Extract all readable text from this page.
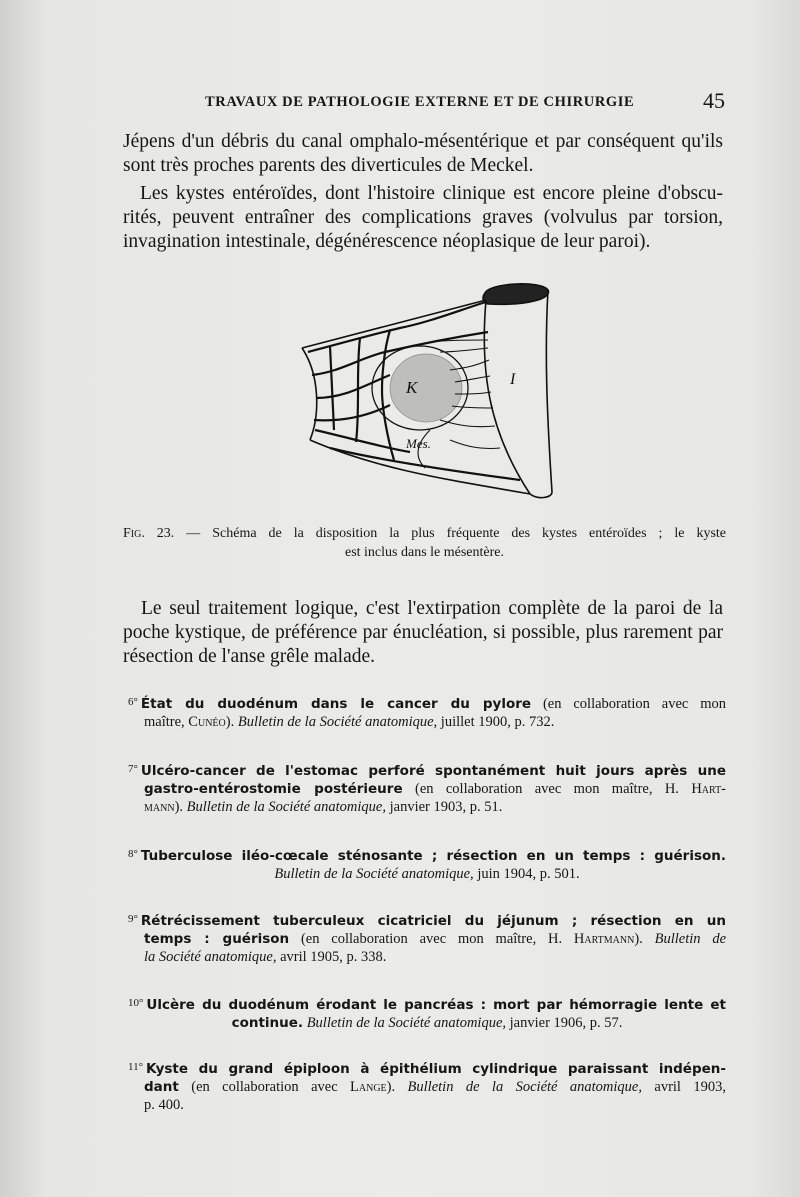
TRAVAUX DE PATHOLOGIE EXTERNE ET DE CHIRURGIE	45
Jépens d'un débris du canal omphalo-mésentérique et par conséquent qu'ils
sont très proches parents des diverticules de Meckel.
Les kystes entéroïdes, dont l'histoire clinique est encore pleine d'obscu-
rités, peuvent entraîner des complications graves (volvulus par torsion,
invagination intestinale, dégénérescence néoplasique de leur paroi).
K	I
Mes.
Fig. 23. — Schéma de la disposition la plus fréquente des kystes entéroïdes ; le kyste
est inclus dans le mésentère.
Le seul traitement logique, c'est l'extirpation complète de la paroi de la
poche kystique, de préférence par énucléation, si possible, plus rarement par
résection de l'anse grêle malade.
$^{6^\circ}$ État du duodénum dans le cancer du pylore (en collaboration avec mon
maître, Cunéo). Bulletin de la Société anatomique, juillet 1900, p. 732.
$^{7^\circ}$ Ulcéro-cancer de l'estomac perforé spontanément huit jours après une
gastro-entérostomie postérieure (en collaboration avec mon maître, H. Hart-
mann). Bulletin de la Société anatomique, janvier 1903, p. 51.
$^{8^\circ}$ Tuberculose iléo-cœcale sténosante ; résection en un temps : guérison.
Bulletin de la Société anatomique, juin 1904, p. 501.
$^{9^\circ}$ Rétrécissement tuberculeux cicatriciel du jéjunum ; résection en un
temps : guérison (en collaboration avec mon maître, H. Hartmann). Bulletin de
la Société anatomique, avril 1905, p. 338.
$^{10^\circ}$ Ulcère du duodénum érodant le pancréas : mort par hémorragie lente et
continue. Bulletin de la Société anatomique, janvier 1906, p. 57.
$^{11^\circ}$ Kyste du grand épiploon à épithélium cylindrique paraissant indépen-
dant (en collaboration avec Lange). Bulletin de la Société anatomique, avril 1903,
p. 400.
